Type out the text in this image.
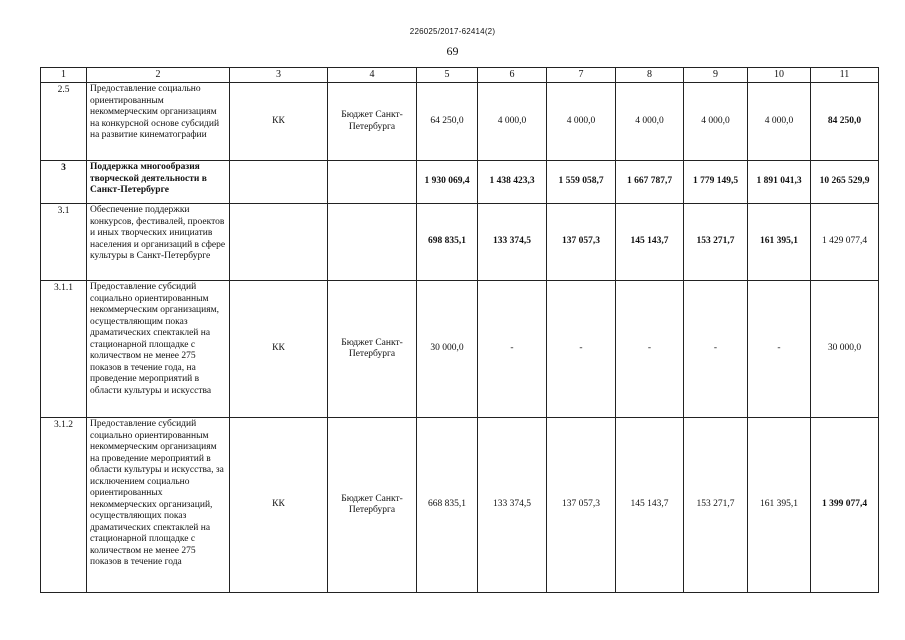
226025/2017-62414(2)
69
1	2	3	4	5	6	7	8	9	10	11
2.5	Предоставление социально ориентированным некоммерческим организациям на конкурсной основе субсидий на развитие кинематографии	КК	Бюджет Санкт-Петербурга	64 250,0	4 000,0	4 000,0	4 000,0	4 000,0	4 000,0	84 250,0
3	Поддержка многообразия творческой деятельности в Санкт-Петербурге			1 930 069,4	1 438 423,3	1 559 058,7	1 667 787,7	1 779 149,5	1 891 041,3	10 265 529,9
3.1	Обеспечение поддержки конкурсов, фестивалей, проектов и иных творческих инициатив населения и организаций в сфере культуры в Санкт-Петербурге			698 835,1	133 374,5	137 057,3	145 143,7	153 271,7	161 395,1	1 429 077,4
3.1.1	Предоставление субсидий социально ориентированным некоммерческим организациям, осуществляющим показ драматических спектаклей на стационарной площадке с количеством не менее 275 показов в течение года, на проведение мероприятий в области культуры и искусства	КК	Бюджет Санкт-Петербурга	30 000,0	-	-	-	-	-	30 000,0
3.1.2	Предоставление субсидий социально ориентированным некоммерческим организациям на проведение мероприятий в области культуры и искусства, за исключением социально ориентированных некоммерческих организаций, осуществляющих показ драматических спектаклей на стационарной площадке с количеством не менее 275 показов в течение года	КК	Бюджет Санкт-Петербурга	668 835,1	133 374,5	137 057,3	145 143,7	153 271,7	161 395,1	1 399 077,4
